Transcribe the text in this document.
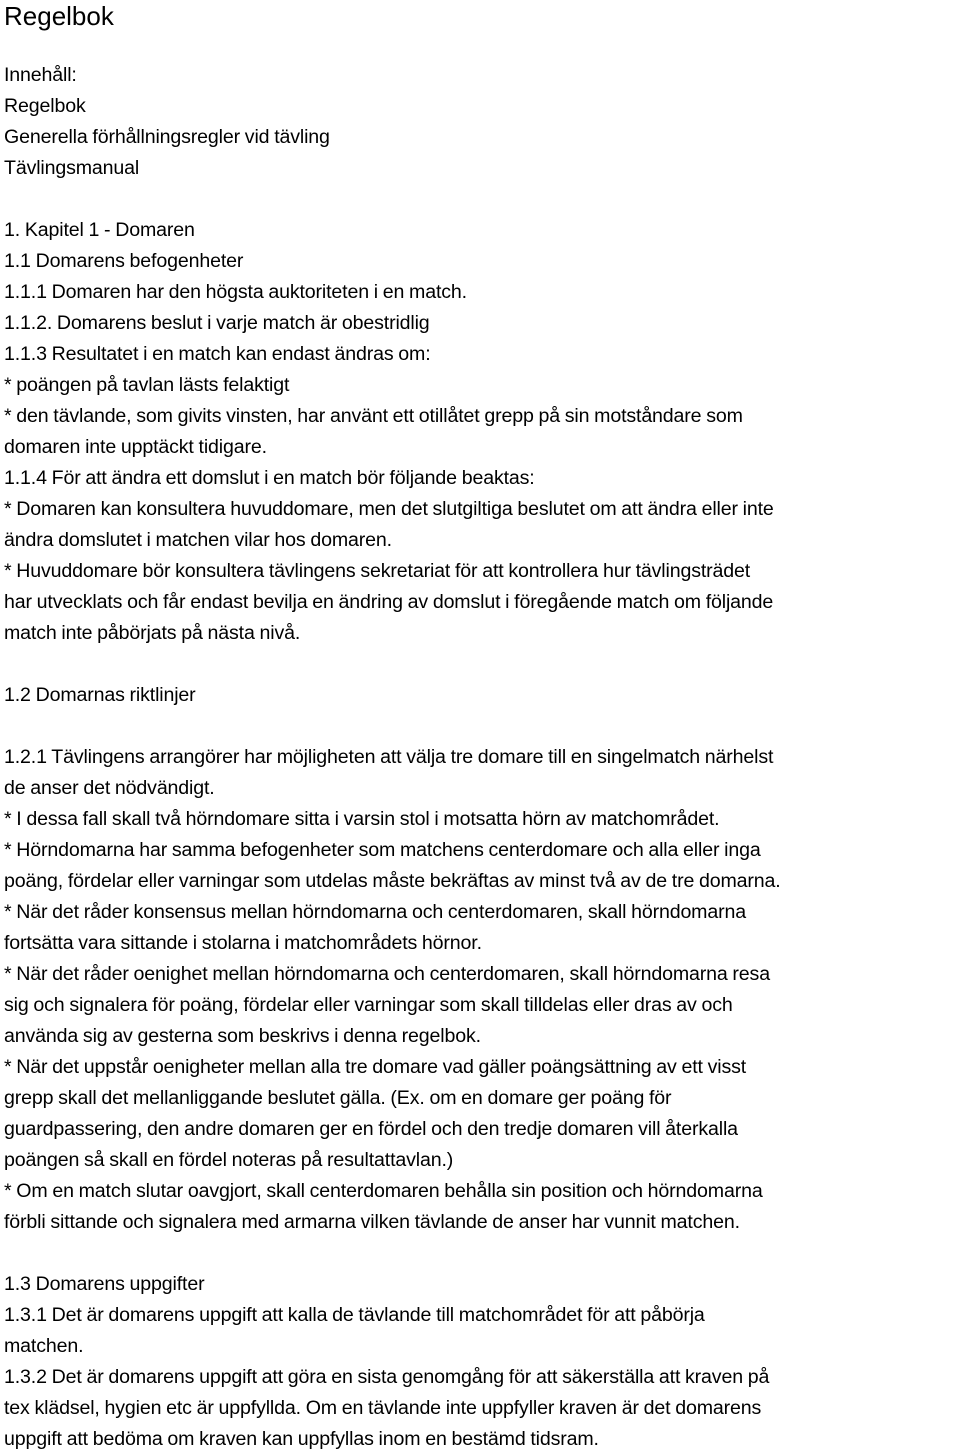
Regelbok
Innehåll:
Regelbok
Generella förhållningsregler vid tävling
Tävlingsmanual
1. Kapitel 1 - Domaren
1.1 Domarens befogenheter
1.1.1 Domaren har den högsta auktoriteten i en match.
1.1.2. Domarens beslut i varje match är obestridlig
1.1.3 Resultatet i en match kan endast ändras om:
* poängen på tavlan lästs felaktigt
* den tävlande, som givits vinsten, har använt ett otillåtet grepp på sin motståndare som
domaren inte upptäckt tidigare.
1.1.4 För att ändra ett domslut i en match bör följande beaktas:
* Domaren kan konsultera huvuddomare, men det slutgiltiga beslutet om att ändra eller inte
ändra domslutet i matchen vilar hos domaren.
* Huvuddomare bör konsultera tävlingens sekretariat för att kontrollera hur tävlingsträdet
har utvecklats och får endast bevilja en ändring av domslut i föregående match om följande
match inte påbörjats på nästa nivå.
1.2 Domarnas riktlinjer
1.2.1 Tävlingens arrangörer har möjligheten att välja tre domare till en singelmatch närhelst
de anser det nödvändigt.
* I dessa fall skall två hörndomare sitta i varsin stol i motsatta hörn av matchområdet.
* Hörndomarna har samma befogenheter som matchens centerdomare och alla eller inga
poäng, fördelar eller varningar som utdelas måste bekräftas av minst två av de tre domarna.
* När det råder konsensus mellan hörndomarna och centerdomaren, skall hörndomarna
fortsätta vara sittande i stolarna i matchområdets hörnor.
* När det råder oenighet mellan hörndomarna och centerdomaren, skall hörndomarna resa
sig och signalera för poäng, fördelar eller varningar som skall tilldelas eller dras av och
använda sig av gesterna som beskrivs i denna regelbok.
* När det uppstår oenigheter mellan alla tre domare vad gäller poängsättning av ett visst
grepp skall det mellanliggande beslutet gälla. (Ex. om en domare ger poäng för
guardpassering, den andre domaren ger en fördel och den tredje domaren vill återkalla
poängen så skall en fördel noteras på resultattavlan.)
* Om en match slutar oavgjort, skall centerdomaren behålla sin position och hörndomarna
förbli sittande och signalera med armarna vilken tävlande de anser har vunnit matchen.
1.3 Domarens uppgifter
1.3.1 Det är domarens uppgift att kalla de tävlande till matchområdet för att påbörja
matchen.
1.3.2 Det är domarens uppgift att göra en sista genomgång för att säkerställa att kraven på
tex klädsel, hygien etc är uppfyllda. Om en tävlande inte uppfyller kraven är det domarens
uppgift att bedöma om kraven kan uppfyllas inom en bestämd tidsram.
